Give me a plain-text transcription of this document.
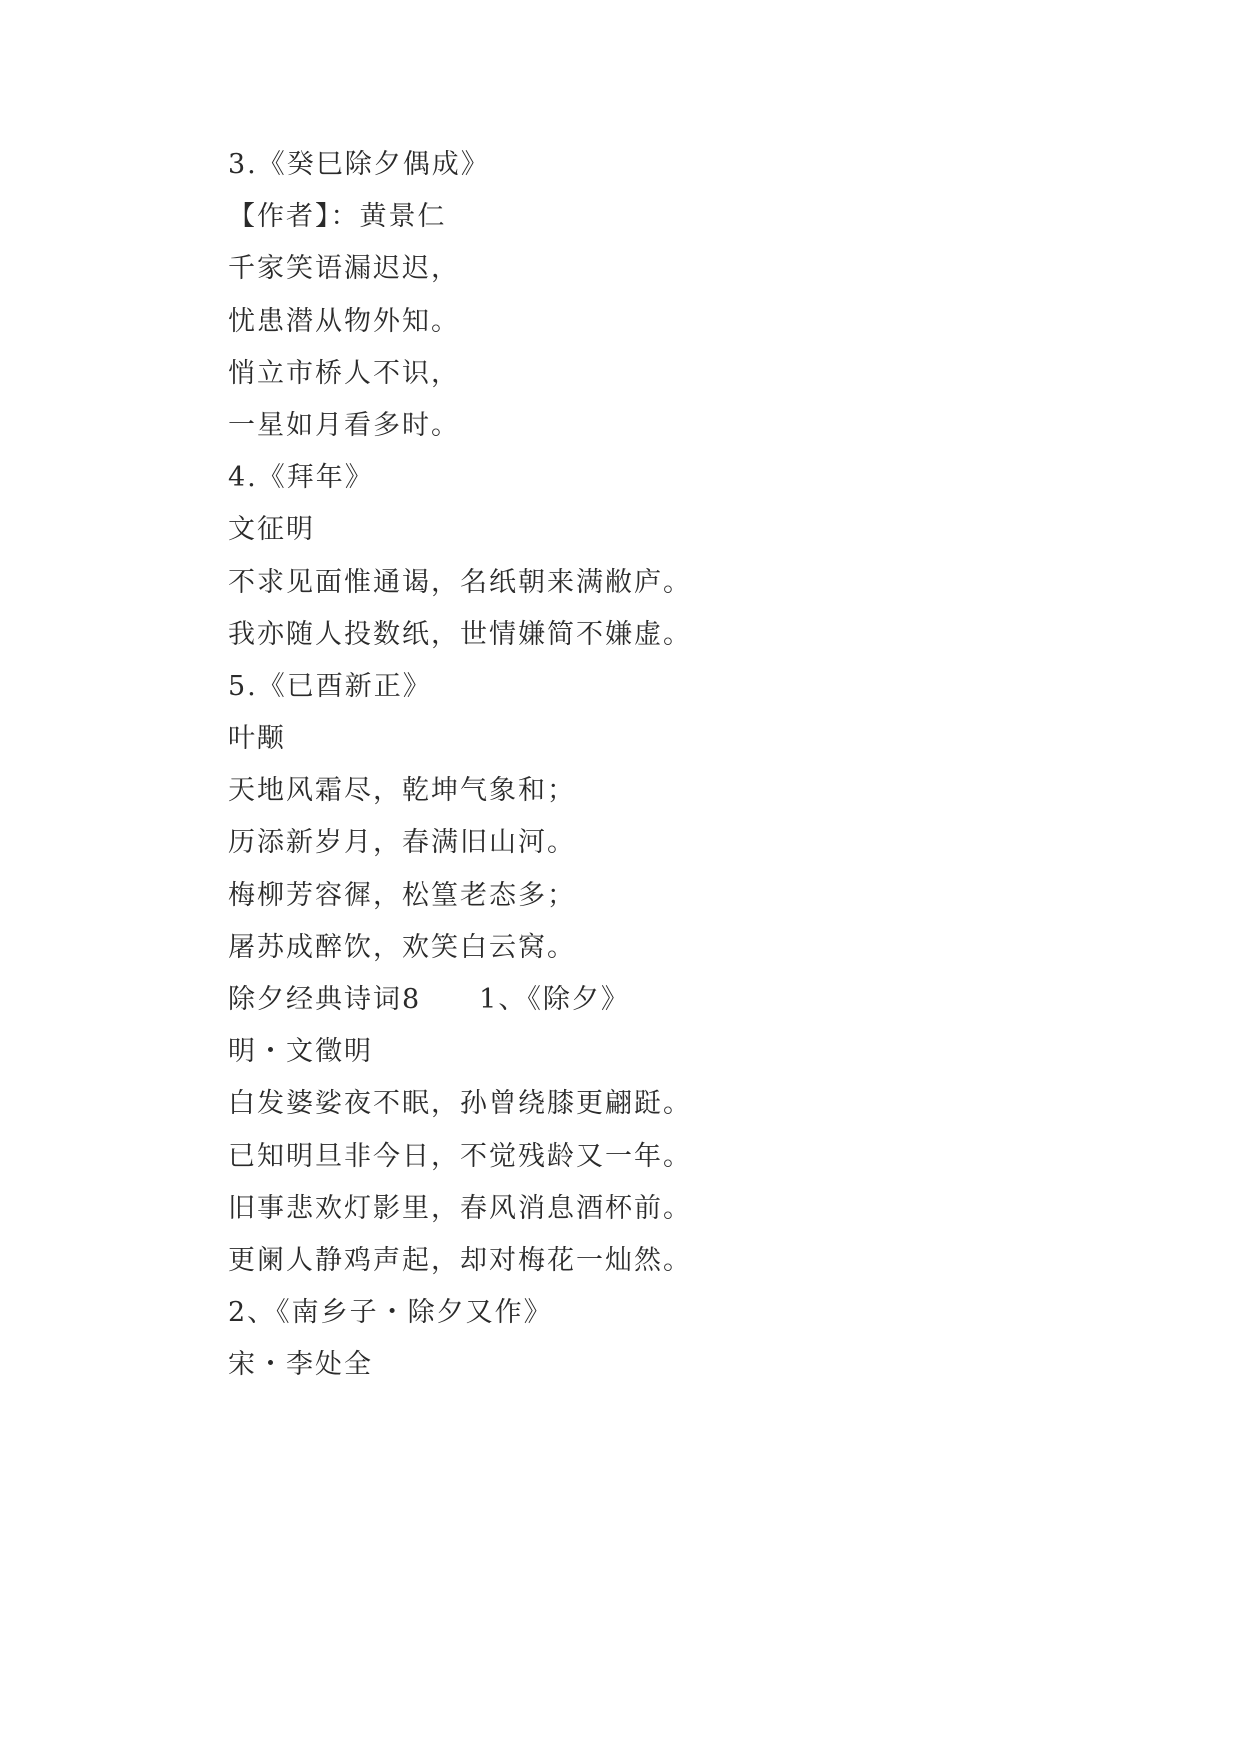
3.《癸巳除夕偶成》
【作者】：黄景仁
千家笑语漏迟迟，
忧患潜从物外知。
悄立市桥人不识，
一星如月看多时。
4.《拜年》
文征明
不求见面惟通谒，名纸朝来满敝庐。
我亦随人投数纸，世情嫌简不嫌虚。
5.《已酉新正》
叶颙
天地风霜尽，乾坤气象和；
历添新岁月，春满旧山河。
梅柳芳容徲，松篁老态多；
屠苏成醉饮，欢笑白云窝。
除夕经典诗词8　　1、《除夕》
明・文徵明
白发婆娑夜不眠，孙曾绕膝更翩跹。
已知明旦非今日，不觉残龄又一年。
旧事悲欢灯影里，春风消息酒杯前。
更阑人静鸡声起，却对梅花一灿然。
2、《南乡子・除夕又作》
宋・李处全
